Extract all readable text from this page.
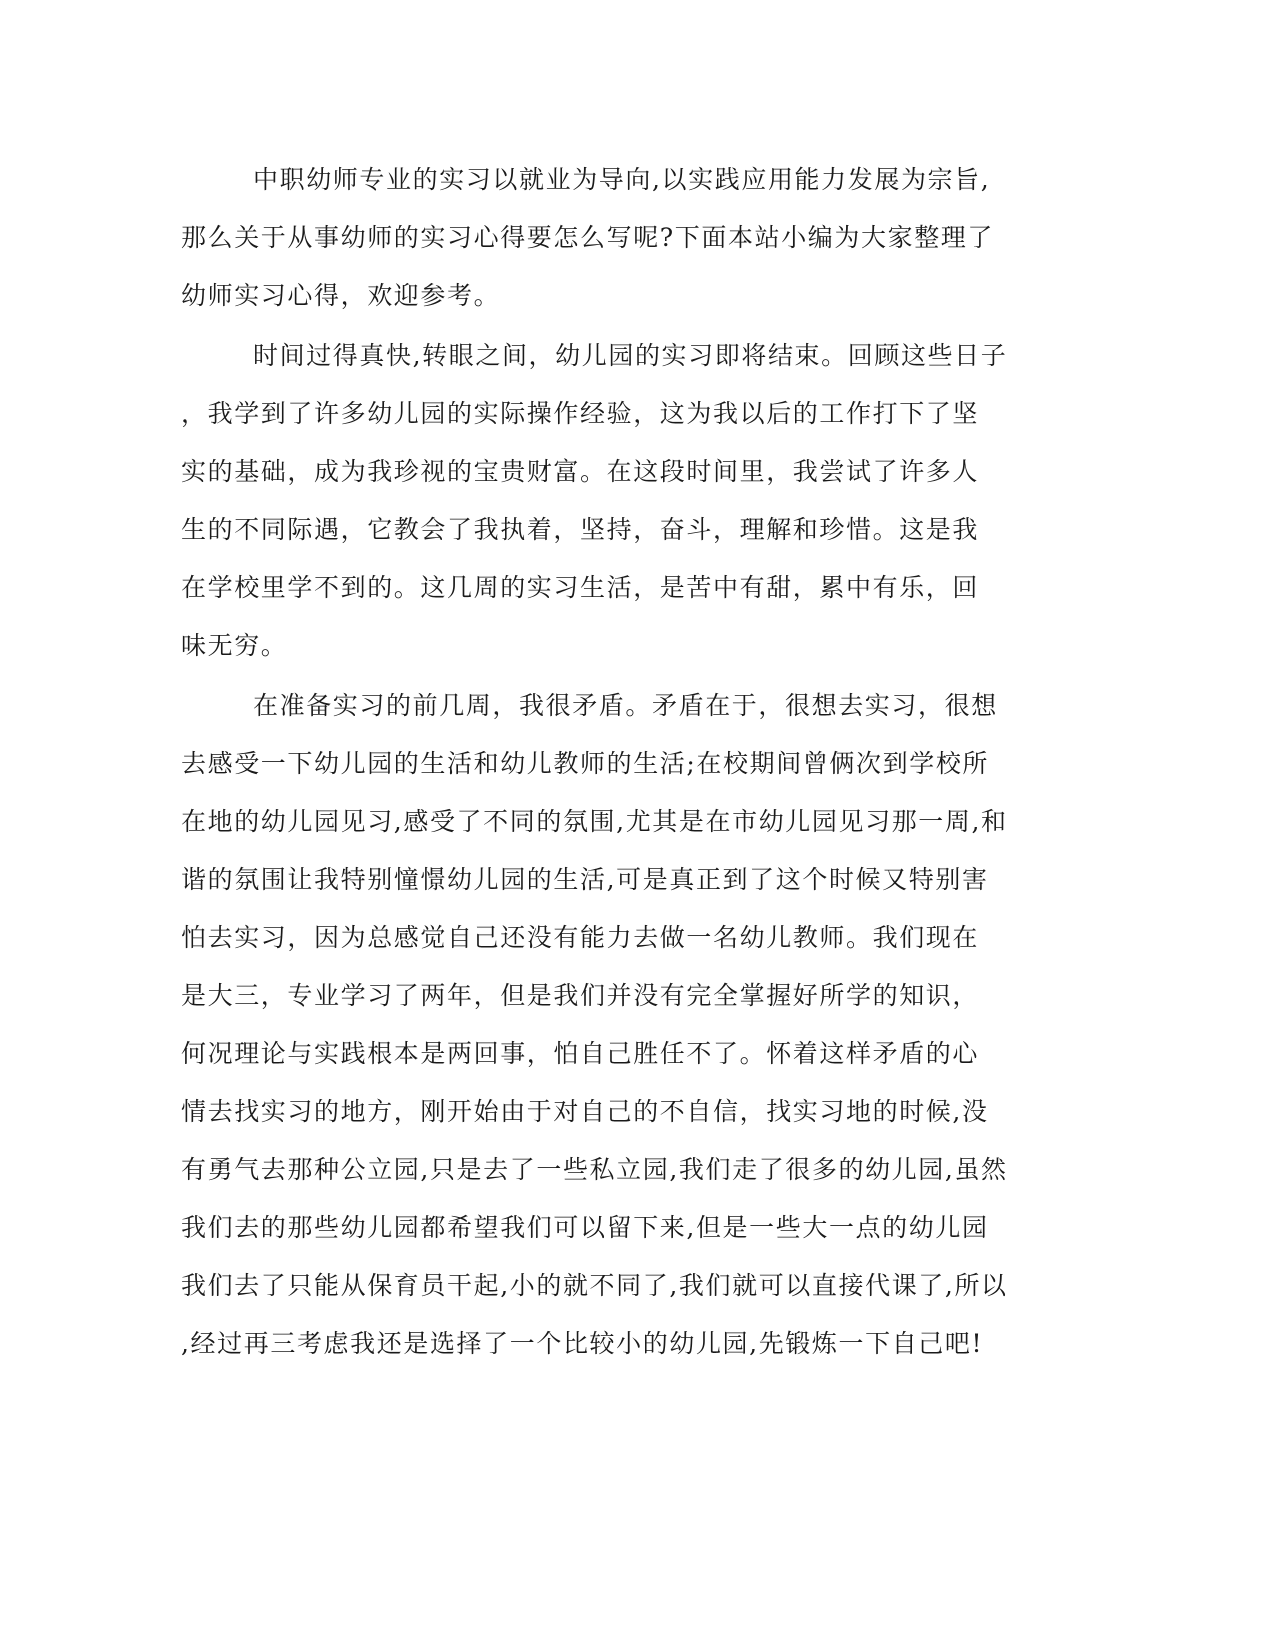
中职幼师专业的实习以就业为导向,以实践应用能力发展为宗旨,
那么关于从事幼师的实习心得要怎么写呢?下面本站小编为大家整理了
幼师实习心得，欢迎参考。
时间过得真快,转眼之间，幼儿园的实习即将结束。回顾这些日子
，我学到了许多幼儿园的实际操作经验，这为我以后的工作打下了坚
实的基础，成为我珍视的宝贵财富。在这段时间里，我尝试了许多人
生的不同际遇，它教会了我执着，坚持，奋斗，理解和珍惜。这是我
在学校里学不到的。这几周的实习生活，是苦中有甜，累中有乐，回
味无穷。
在准备实习的前几周，我很矛盾。矛盾在于，很想去实习，很想
去感受一下幼儿园的生活和幼儿教师的生活;在校期间曾俩次到学校所
在地的幼儿园见习,感受了不同的氛围,尤其是在市幼儿园见习那一周,和
谐的氛围让我特别憧憬幼儿园的生活,可是真正到了这个时候又特别害
怕去实习，因为总感觉自己还没有能力去做一名幼儿教师。我们现在
是大三，专业学习了两年，但是我们并没有完全掌握好所学的知识，
何况理论与实践根本是两回事，怕自己胜任不了。怀着这样矛盾的心
情去找实习的地方，刚开始由于对自己的不自信，找实习地的时候,没
有勇气去那种公立园,只是去了一些私立园,我们走了很多的幼儿园,虽然
我们去的那些幼儿园都希望我们可以留下来,但是一些大一点的幼儿园
我们去了只能从保育员干起,小的就不同了,我们就可以直接代课了,所以
,经过再三考虑我还是选择了一个比较小的幼儿园,先锻炼一下自己吧!
